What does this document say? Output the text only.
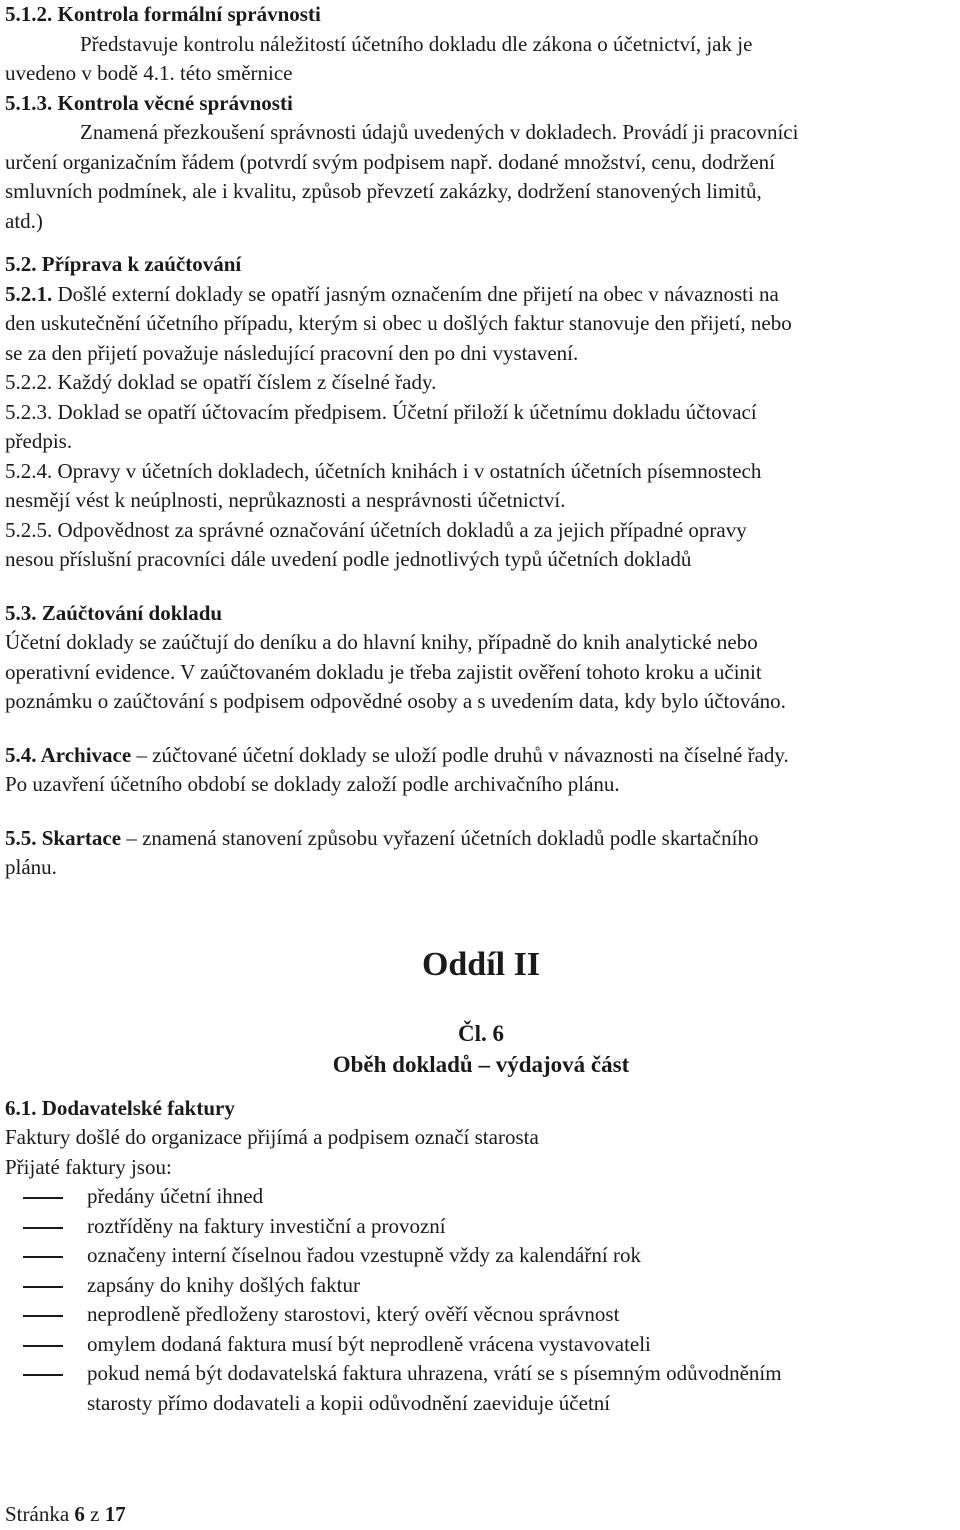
5.1.2. Kontrola formální správnosti

Představuje kontrolu náležitostí účetního dokladu dle zákona o účetnictví, jak je

uvedeno v bodě 4.1. této směrnice

5.1.3. Kontrola věcné správnosti

Znamená přezkoušení správnosti údajů uvedených v dokladech. Provádí ji pracovníci

určení organizačním řádem (potvrdí svým podpisem např. dodané množství, cenu, dodržení

smluvních podmínek, ale i kvalitu, způsob převzetí zakázky, dodržení stanovených limitů,

atd.)

5.2. Příprava k zaúčtování

5.2.1. Došlé externí doklady se opatří jasným označením dne přijetí na obec v návaznosti na

den uskutečnění účetního případu, kterým si obec u došlých faktur stanovuje den přijetí, nebo

se za den přijetí považuje následující pracovní den po dni vystavení.

5.2.2. Každý doklad se opatří číslem z číselné řady.

5.2.3. Doklad se opatří účtovacím předpisem. Účetní přiloží k účetnímu dokladu účtovací

předpis.

5.2.4. Opravy v účetních dokladech, účetních knihách i v ostatních účetních písemnostech

nesmějí vést k neúplnosti, neprůkaznosti a nesprávnosti účetnictví.

5.2.5. Odpovědnost za správné označování účetních dokladů a za jejich případné opravy

nesou příslušní pracovníci dále uvedení podle jednotlivých typů účetních dokladů

5.3. Zaúčtování dokladu

Účetní doklady se zaúčtují do deníku a do hlavní knihy, případně do knih analytické nebo

operativní evidence. V zaúčtovaném dokladu je třeba zajistit ověření tohoto kroku a učinit

poznámku o zaúčtování s podpisem odpovědné osoby a s uvedením data, kdy bylo účtováno.

5.4. Archivace – zúčtované účetní doklady se uloží podle druhů v návaznosti na číselné řady.

Po uzavření účetního období se doklady založí podle archivačního plánu.

5.5. Skartace – znamená stanovení způsobu vyřazení účetních dokladů podle skartačního

plánu.

Oddíl II

Čl. 6

Oběh dokladů – výdajová část

6.1. Dodavatelské faktury

Faktury došlé do organizace přijímá a podpisem označí starosta

Přijaté faktury jsou:

předány účetní ihned
roztříděny na faktury investiční a provozní
označeny interní číselnou řadou vzestupně vždy za kalendářní rok
zapsány do knihy došlých faktur
neprodleně předloženy starostovi, který ověří věcnou správnost
omylem dodaná faktura musí být neprodleně vrácena vystavovateli
pokud nemá být dodavatelská faktura uhrazena, vrátí se s písemným odůvodněním
starosty přímo dodavateli a kopii odůvodnění zaeviduje účetní

Stránka 6 z 17
